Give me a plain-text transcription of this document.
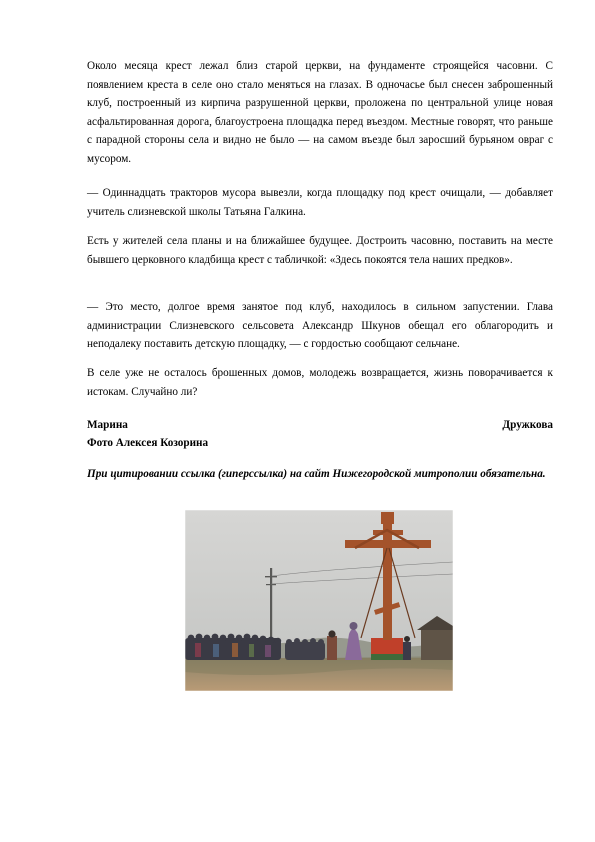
Около месяца крест лежал близ старой церкви, на фундаменте строящейся часовни. С появлением креста в селе оно стало меняться на глазах. В одночасье был снесен заброшенный клуб, построенный из кирпича разрушенной церкви, проложена по центральной улице новая асфальтированная дорога, благоустроена площадка перед въездом. Местные говорят, что раньше с парадной стороны села и видно не было — на самом въезде был заросший бурьяном овраг с мусором.

— Одиннадцать тракторов мусора вывезли, когда площадку под крест очищали, — добавляет учитель слизневской школы Татьяна Галкина.

Есть у жителей села планы и на ближайшее будущее. Достроить часовню, поставить на месте бывшего церковного кладбища крест с табличкой: «Здесь покоятся тела наших предков».

— Это место, долгое время занятое под клуб, находилось в сильном запустении. Глава администрации Слизневского сельсовета Александр Шкунов обещал его облагородить и неподалеку поставить детскую площадку, — с гордостью сообщают сельчане.

В селе уже не осталось брошенных домов, молодежь возвращается, жизнь поворачивается к истокам. Случайно ли?

Марина	Дружкова
Фото Алексея Козорина

При цитировании ссылка (гиперссылка) на сайт Нижегородской митрополии обязательна.
